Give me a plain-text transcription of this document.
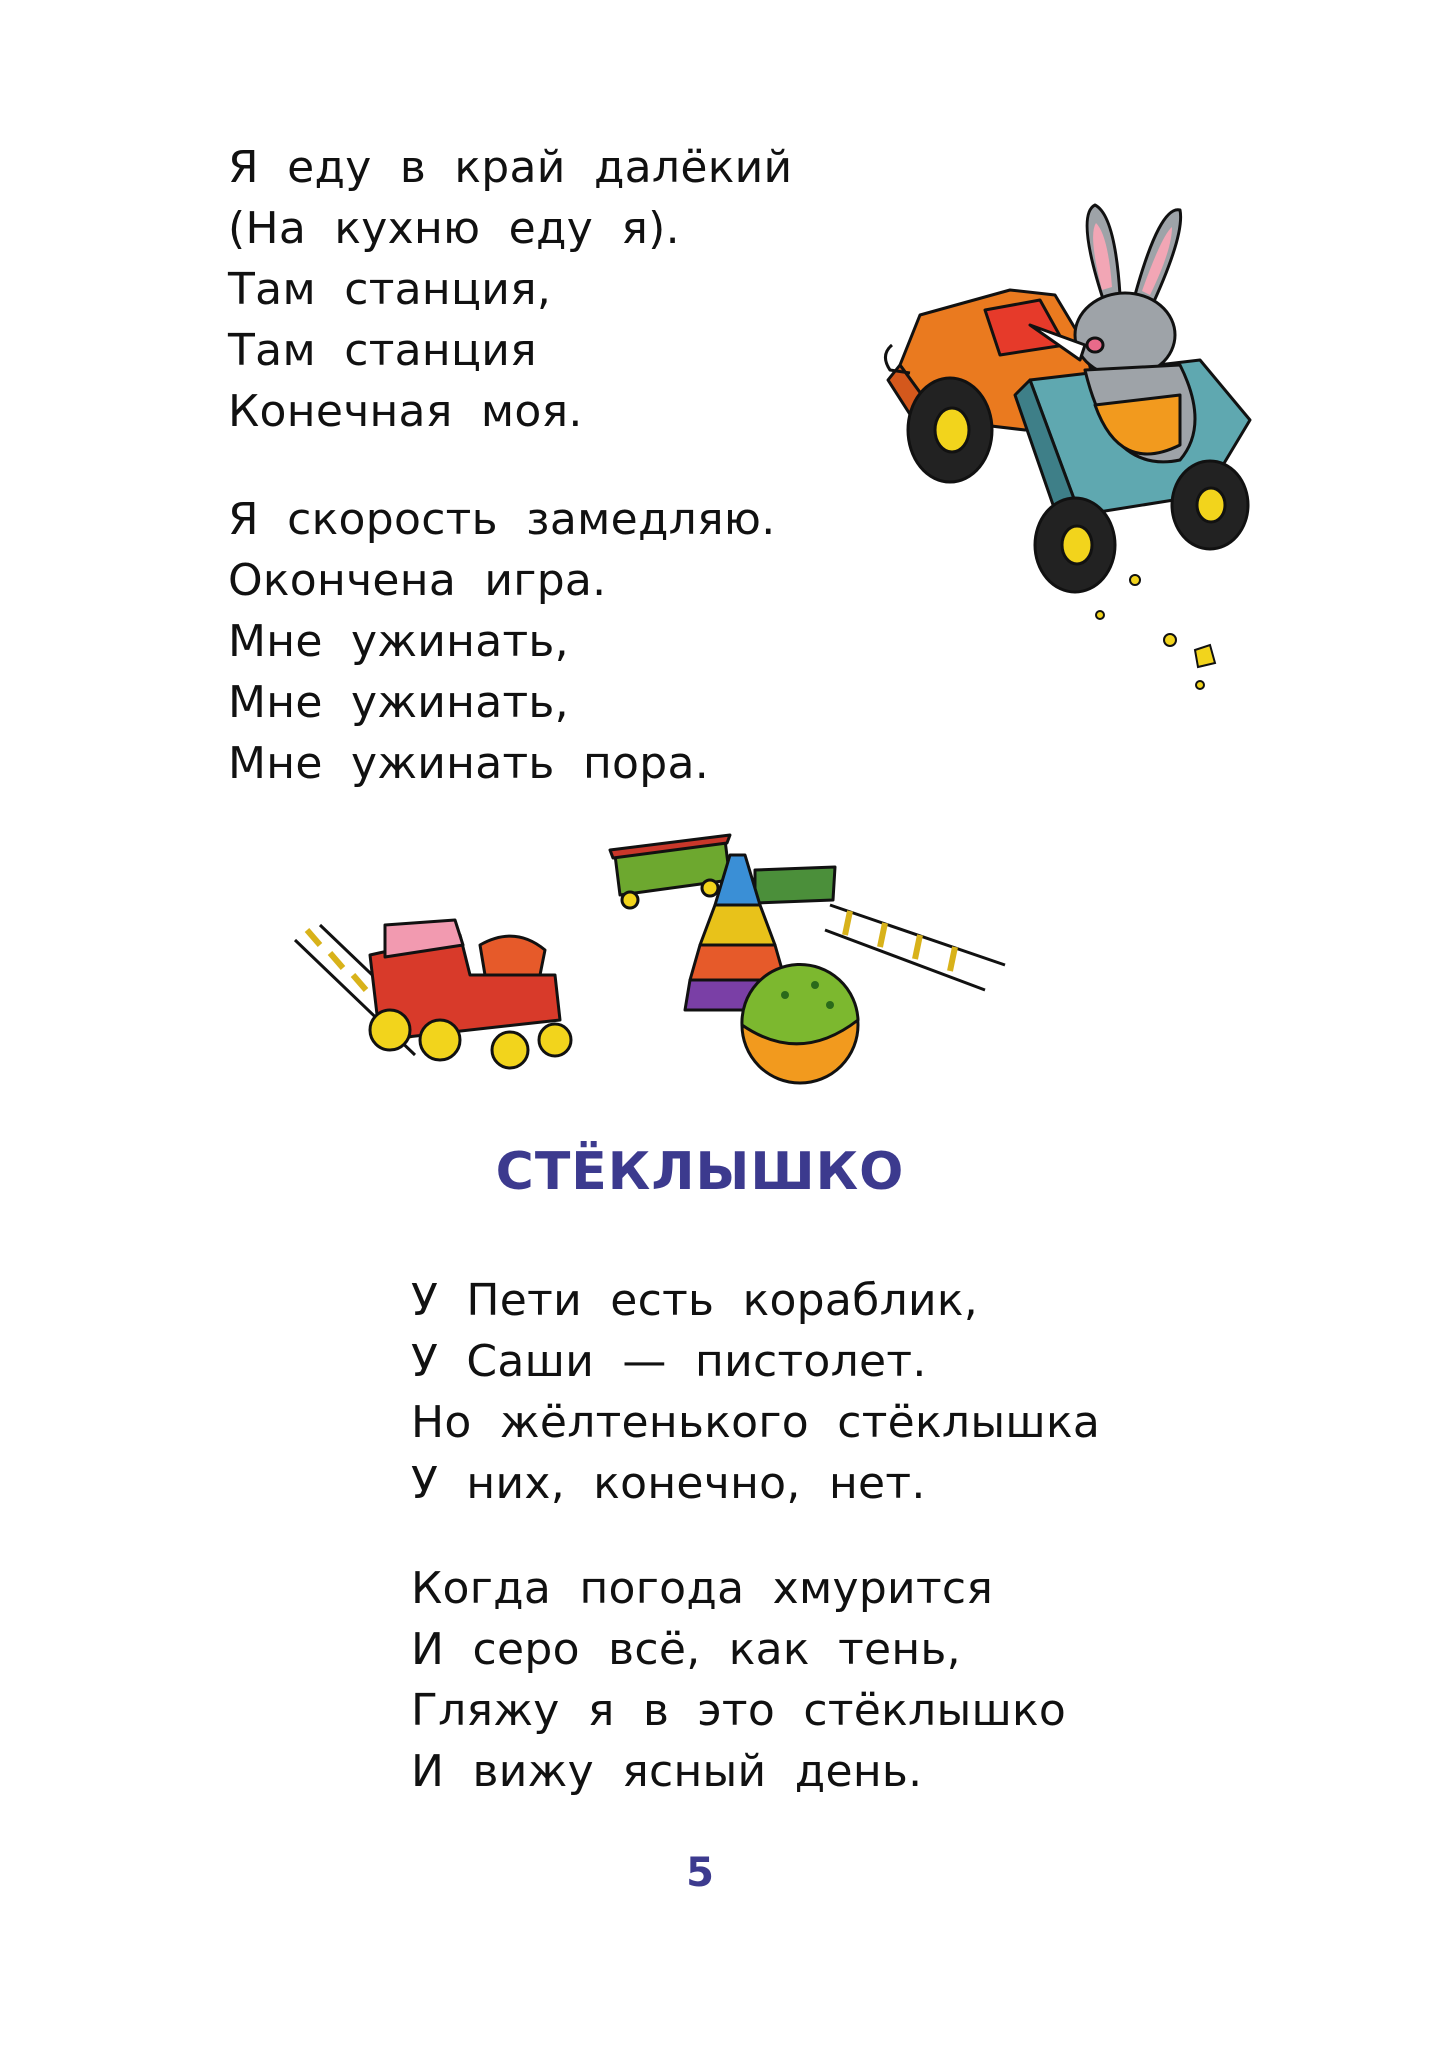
Я едy в край далёкий
(На кухню еду я).
Там станция,
Там станция
Конечная моя.
Я скорость замедляю.
Окончена игра.
Мне ужинать,
Мне ужинать,
Мне ужинать пора.
СТЁКЛЫШКО
У Пети есть кораблик,
У Саши — пистолет.
Но жёлтенького стёклышка
У них, конечно, нет.
Когда погода хмурится
И серо всё, как тень,
Гляжу я в это стёклышко
И вижу ясный день.
5
